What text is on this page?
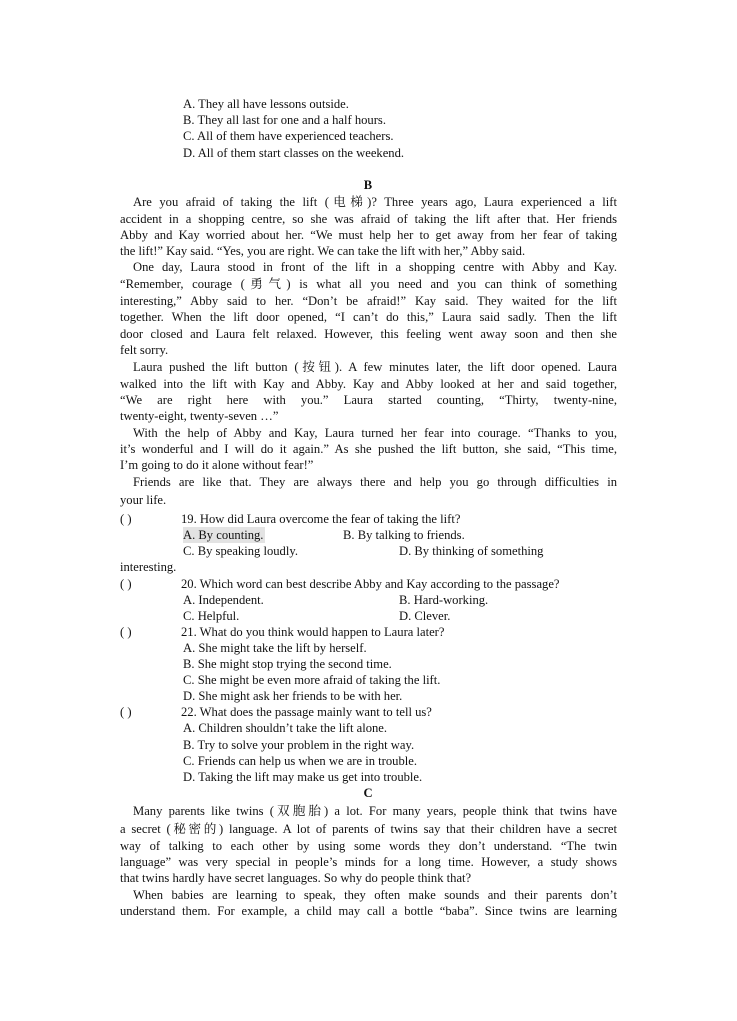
A. They all have lessons outside.
B. They all last for one and a half hours.
C. All of them have experienced teachers.
D. All of them start classes on the weekend.
B
Are you afraid of taking the lift (电梯)? Three years ago, Laura experienced a lift
accident in a shopping centre, so she was afraid of taking the lift after that. Her friends
Abby and Kay worried about her. “We must help her to get away from her fear of taking
the lift!” Kay said. “Yes, you are right. We can take the lift with her,” Abby said.
One day, Laura stood in front of the lift in a shopping centre with Abby and Kay.
“Remember, courage (勇气) is what all you need and you can think of something
interesting,” Abby said to her. “Don’t be afraid!” Kay said. They waited for the lift
together. When the lift door opened, “I can’t do this,” Laura said sadly. Then the lift
door closed and Laura felt relaxed. However, this feeling went away soon and then she
felt sorry.
Laura pushed the lift button (按钮). A few minutes later, the lift door opened. Laura
walked into the lift with Kay and Abby. Kay and Abby looked at her and said together,
“We are right here with you.” Laura started counting, “Thirty, twenty-nine,
twenty-eight, twenty-seven …”
With the help of Abby and Kay, Laura turned her fear into courage. “Thanks to you,
it’s wonderful and I will do it again.” As she pushed the lift button, she said, “This time,
I’m going to do it alone without fear!”
Friends are like that. They are always there and help you go through difficulties in
your life.
( )	19. How did Laura overcome the fear of taking the lift?
A. By counting.	B. By talking to friends.
C. By speaking loudly.	D. By thinking of something
interesting.
( )	20. Which word can best describe Abby and Kay according to the passage?
A. Independent.	B. Hard-working.
C. Helpful.	D. Clever.
( )	21. What do you think would happen to Laura later?
A. She might take the lift by herself.
B. She might stop trying the second time.
C. She might be even more afraid of taking the lift.
D. She might ask her friends to be with her.
( )	22. What does the passage mainly want to tell us?
A. Children shouldn’t take the lift alone.
B. Try to solve your problem in the right way.
C. Friends can help us when we are in trouble.
D. Taking the lift may make us get into trouble.
C
Many parents like twins (双胞胎) a lot. For many years, people think that twins have
a secret (秘密的) language. A lot of parents of twins say that their children have a secret
way of talking to each other by using some words they don’t understand. “The twin
language” was very special in people’s minds for a long time. However, a study shows
that twins hardly have secret languages. So why do people think that?
When babies are learning to speak, they often make sounds and their parents don’t
understand them. For example, a child may call a bottle “baba”. Since twins are learning
